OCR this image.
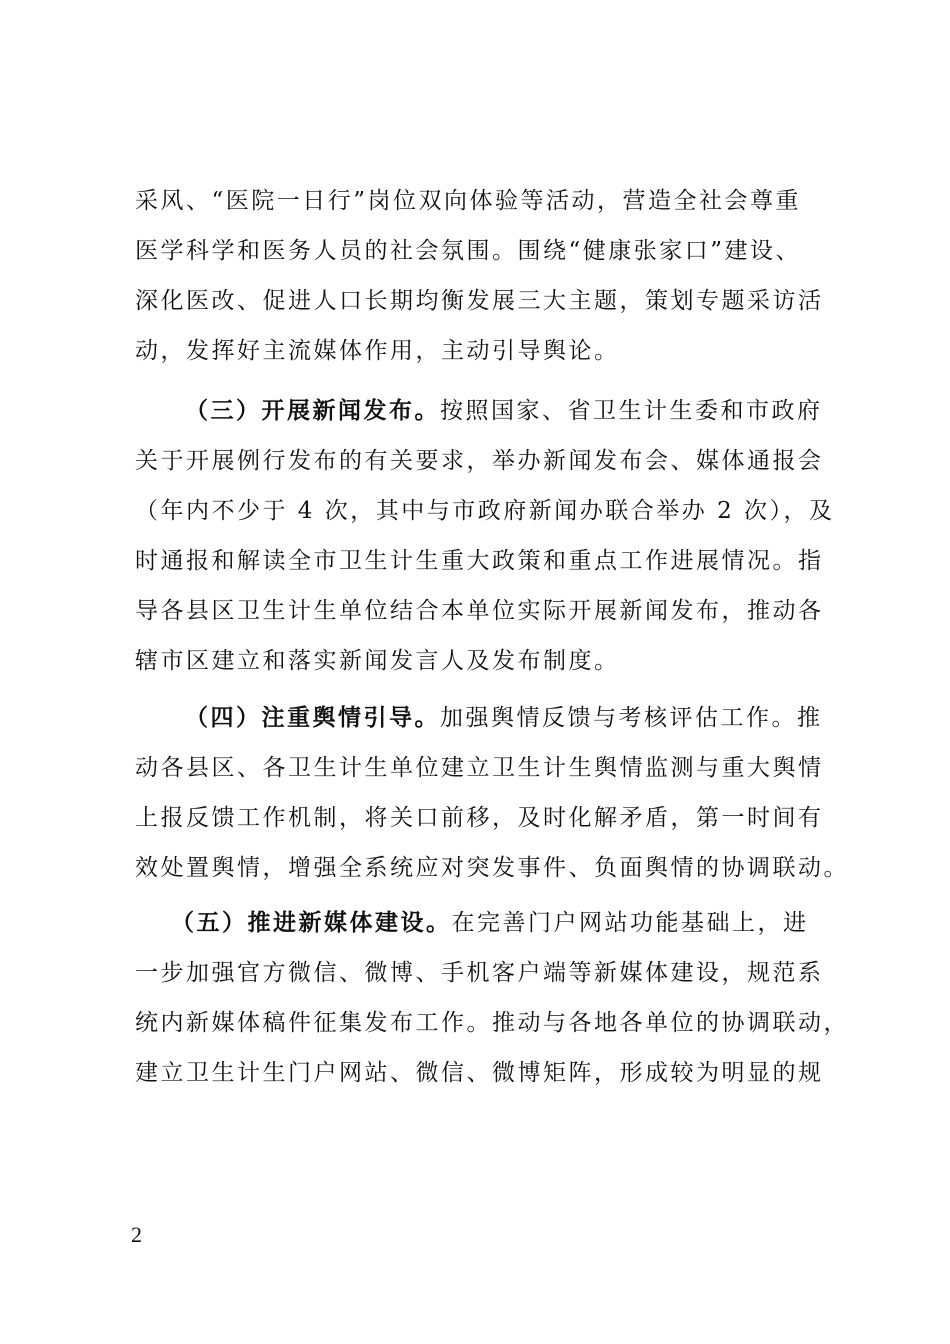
采风、“医院一日行”岗位双向体验等活动，营造全社会尊重
医学科学和医务人员的社会氛围。围绕“健康张家口”建设、
深化医改、促进人口长期均衡发展三大主题，策划专题采访活
动，发挥好主流媒体作用，主动引导舆论。
（三）开展新闻发布。按照国家、省卫生计生委和市政府
关于开展例行发布的有关要求，举办新闻发布会、媒体通报会
（年内不少于 4 次，其中与市政府新闻办联合举办 2 次），及
时通报和解读全市卫生计生重大政策和重点工作进展情况。指
导各县区卫生计生单位结合本单位实际开展新闻发布，推动各
辖市区建立和落实新闻发言人及发布制度。
（四）注重舆情引导。加强舆情反馈与考核评估工作。推
动各县区、各卫生计生单位建立卫生计生舆情监测与重大舆情
上报反馈工作机制，将关口前移，及时化解矛盾，第一时间有
效处置舆情，增强全系统应对突发事件、负面舆情的协调联动。
（五）推进新媒体建设。在完善门户网站功能基础上，进
一步加强官方微信、微博、手机客户端等新媒体建设，规范系
统内新媒体稿件征集发布工作。推动与各地各单位的协调联动，
建立卫生计生门户网站、微信、微博矩阵，形成较为明显的规
2
